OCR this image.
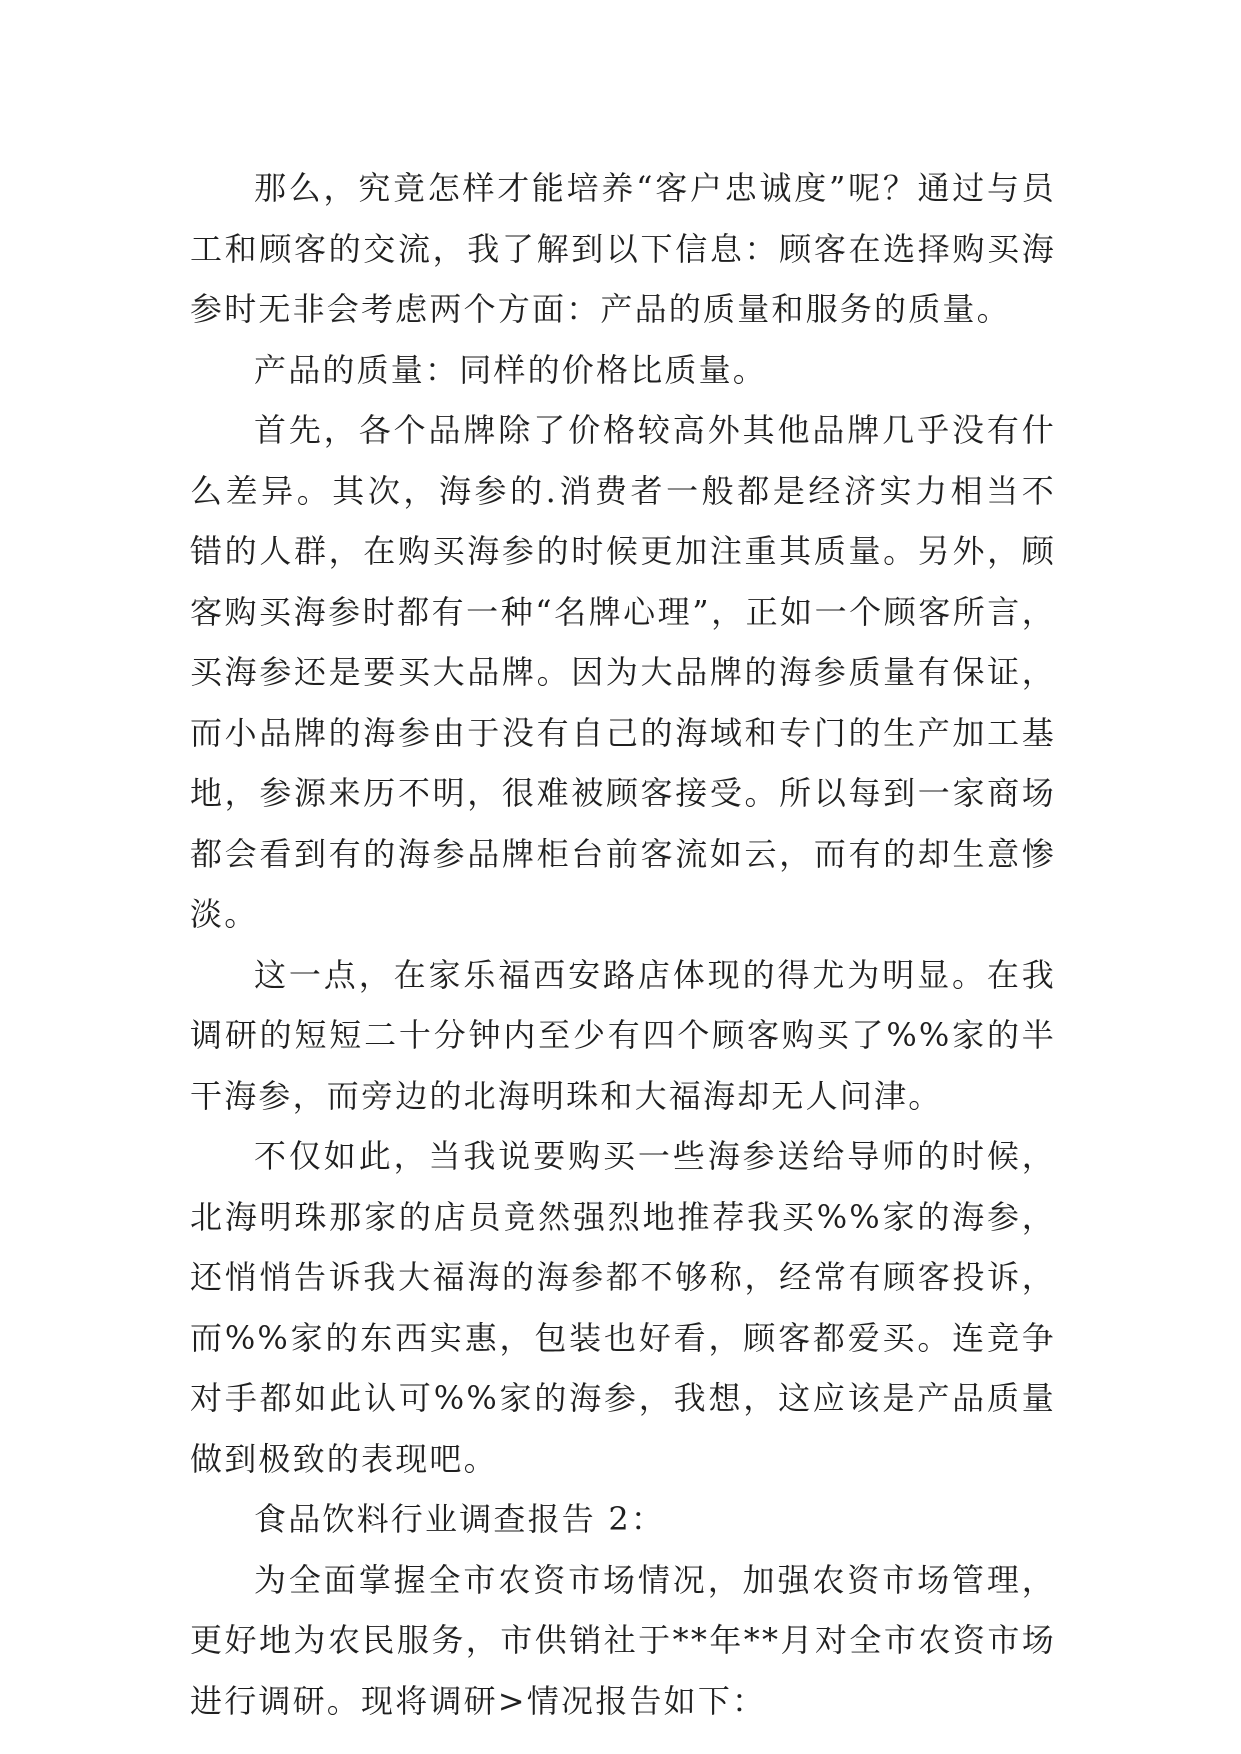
那么，究竟怎样才能培养“客户忠诚度”呢？通过与员工和顾客的交流，我了解到以下信息：顾客在选择购买海参时无非会考虑两个方面：产品的质量和服务的质量。

产品的质量：同样的价格比质量。

首先，各个品牌除了价格较高外其他品牌几乎没有什么差异。其次，海参的.消费者一般都是经济实力相当不错的人群，在购买海参的时候更加注重其质量。另外，顾客购买海参时都有一种“名牌心理”，正如一个顾客所言，买海参还是要买大品牌。因为大品牌的海参质量有保证，而小品牌的海参由于没有自己的海域和专门的生产加工基地，参源来历不明，很难被顾客接受。所以每到一家商场都会看到有的海参品牌柜台前客流如云，而有的却生意惨淡。

这一点，在家乐福西安路店体现的得尤为明显。在我调研的短短二十分钟内至少有四个顾客购买了%%家的半干海参，而旁边的北海明珠和大福海却无人问津。

不仅如此，当我说要购买一些海参送给导师的时候，北海明珠那家的店员竟然强烈地推荐我买%%家的海参，还悄悄告诉我大福海的海参都不够称，经常有顾客投诉，而%%家的东西实惠，包装也好看，顾客都爱买。连竞争对手都如此认可%%家的海参，我想，这应该是产品质量做到极致的表现吧。

食品饮料行业调查报告 2：

为全面掌握全市农资市场情况，加强农资市场管理，更好地为农民服务，市供销社于**年**月对全市农资市场进行调研。现将调研>情况报告如下：
